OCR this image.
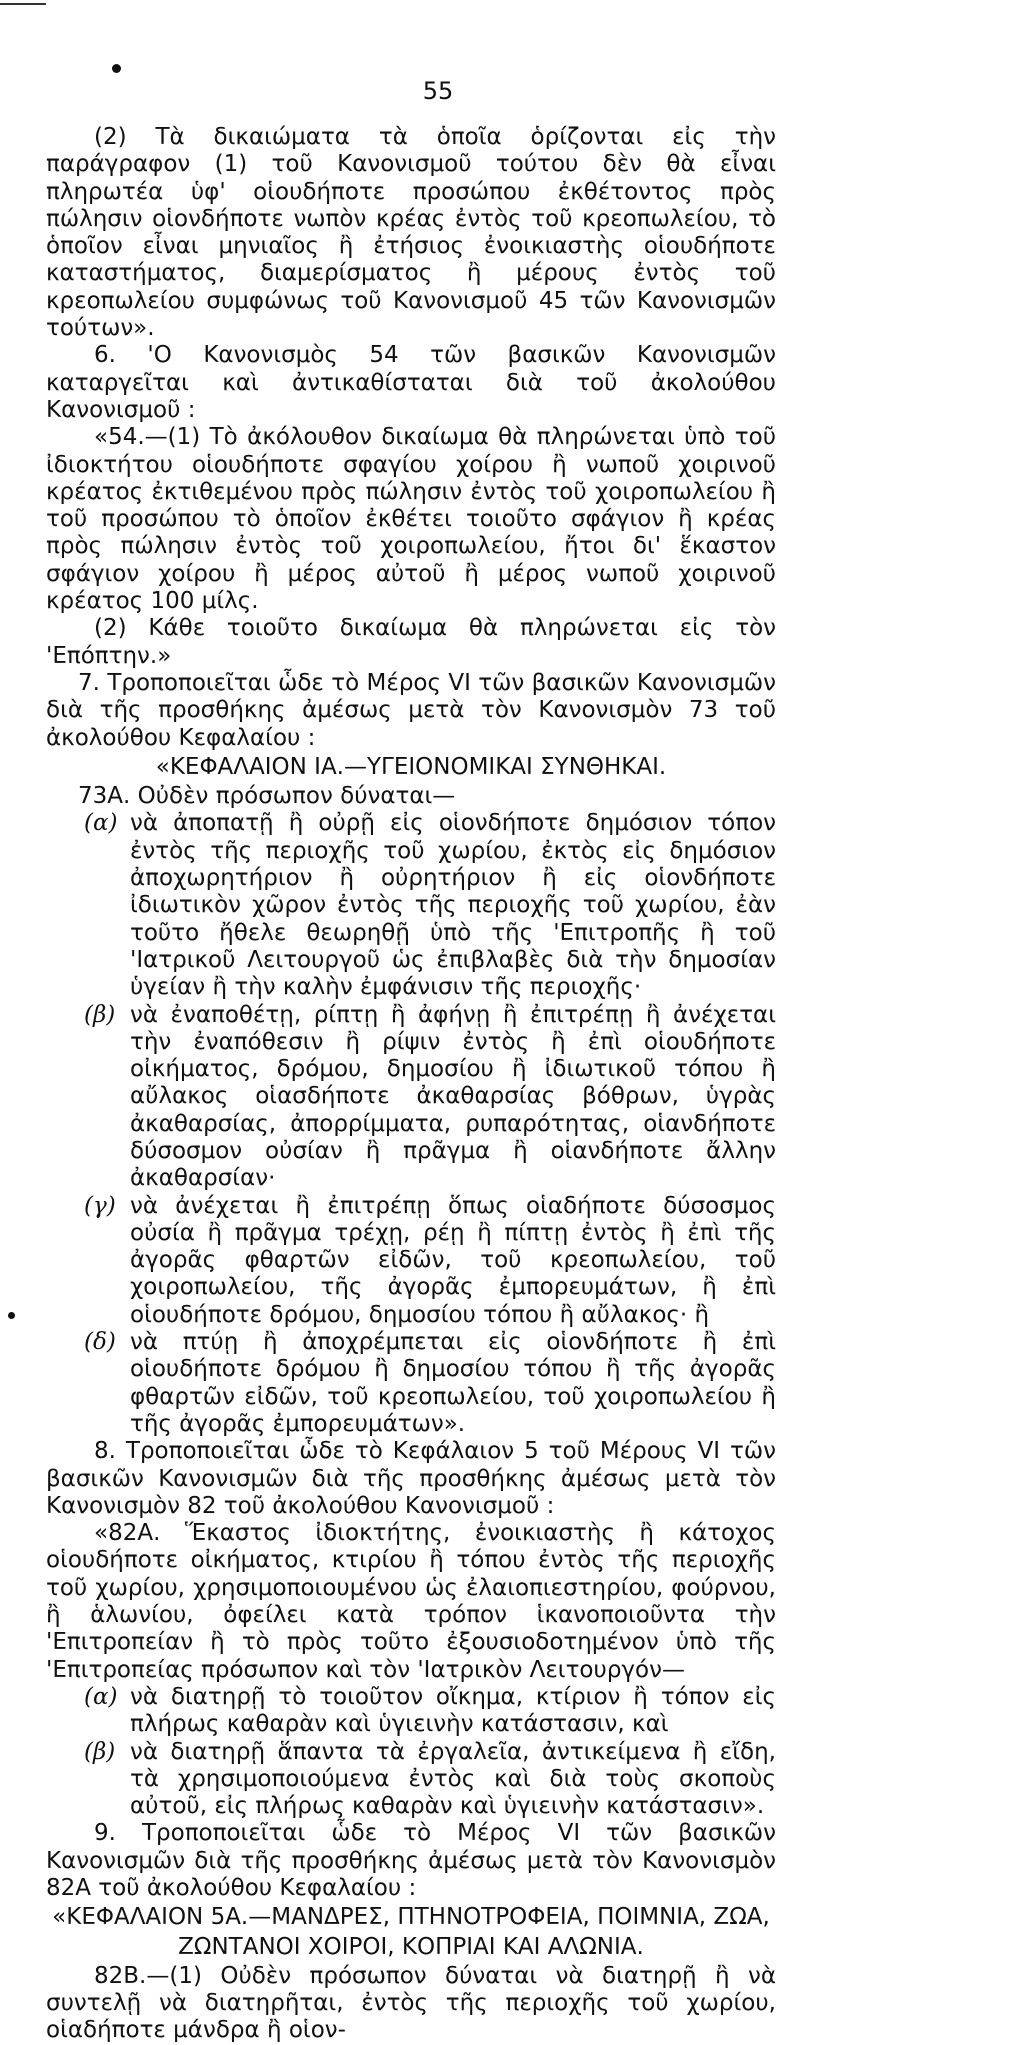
55

(2) Τὰ δικαιώματα τὰ ὁποῖα ὁρίζονται εἰς τὴν παράγραφον (1) τοῦ Κανονισμοῦ τούτου δὲν θὰ εἶναι πληρωτέα ὑφ' οἱουδήποτε προσώπου ἐκθέτοντος πρὸς πώλησιν οἱονδήποτε νωπὸν κρέας ἐντὸς τοῦ κρεοπωλείου, τὸ ὁποῖον εἶναι μηνιαῖος ἢ ἐτήσιος ἐνοικιαστὴς οἱουδήποτε καταστήματος, διαμερίσματος ἢ μέρους ἐντὸς τοῦ κρεοπωλείου συμφώνως τοῦ Κανονισμοῦ 45 τῶν Κανονισμῶν τούτων».

6. 'Ο Κανονισμὸς 54 τῶν βασικῶν Κανονισμῶν καταργεῖται καὶ ἀντικαθίσταται διὰ τοῦ ἀκολούθου Κανονισμοῦ :

«54.—(1) Τὸ ἀκόλουθον δικαίωμα θὰ πληρώνεται ὑπὸ τοῦ ἰδιοκτήτου οἱουδήποτε σφαγίου χοίρου ἢ νωποῦ χοιρινοῦ κρέατος ἐκτιθεμένου πρὸς πώλησιν ἐντὸς τοῦ χοιροπωλείου ἢ τοῦ προσώπου τὸ ὁποῖον ἐκθέτει τοιοῦτο σφάγιον ἢ κρέας πρὸς πώλησιν ἐντὸς τοῦ χοιροπωλείου, ἤτοι δι' ἕκαστον σφάγιον χοίρου ἢ μέρος αὐτοῦ ἢ μέρος νωποῦ χοιρινοῦ κρέατος 100 μίλς.

(2) Κάθε τοιοῦτο δικαίωμα θὰ πληρώνεται εἰς τὸν 'Επόπτην.»

7. Τροποποιεῖται ὧδε τὸ Μέρος VI τῶν βασικῶν Κανονισμῶν διὰ τῆς προσθήκης ἀμέσως μετὰ τὸν Κανονισμὸν 73 τοῦ ἀκολούθου Κεφαλαίου :

«ΚΕΦΑΛΑΙΟΝ ΙΑ.—ΥΓΕΙΟΝΟΜΙΚΑΙ ΣΥΝΘΗΚΑΙ.

73Α. Οὐδὲν πρόσωπον δύναται—

(α) νὰ ἀποπατῇ ἢ οὐρῇ εἰς οἱονδήποτε δημόσιον τόπον ἐντὸς τῆς περιοχῆς τοῦ χωρίου, ἐκτὸς εἰς δημόσιον ἀποχωρητήριον ἢ οὐρητήριον ἢ εἰς οἱονδήποτε ἰδιωτικὸν χῶρον ἐντὸς τῆς περιοχῆς τοῦ χωρίου, ἐὰν τοῦτο ἤθελε θεωρηθῇ ὑπὸ τῆς 'Επιτροπῆς ἢ τοῦ 'Ιατρικοῦ Λειτουργοῦ ὡς ἐπιβλαβὲς διὰ τὴν δημοσίαν ὑγείαν ἢ τὴν καλὴν ἐμφάνισιν τῆς περιοχῆς·
(β) νὰ ἐναποθέτῃ, ρίπτῃ ἢ ἀφήνῃ ἢ ἐπιτρέπῃ ἢ ἀνέχεται τὴν ἐναπόθεσιν ἢ ρίψιν ἐντὸς ἢ ἐπὶ οἱουδήποτε οἰκήματος, δρόμου, δημοσίου ἢ ἰδιωτικοῦ τόπου ἢ αὔλακος οἱασδήποτε ἀκαθαρσίας βόθρων, ὑγρὰς ἀκαθαρσίας, ἀπορρίμματα, ρυπαρότητας, οἱανδήποτε δύσοσμον οὐσίαν ἢ πρᾶγμα ἢ οἱανδήποτε ἄλλην ἀκαθαρσίαν·
(γ) νὰ ἀνέχεται ἢ ἐπιτρέπῃ ὅπως οἱαδήποτε δύσοσμος οὐσία ἢ πρᾶγμα τρέχῃ, ρέῃ ἢ πίπτῃ ἐντὸς ἢ ἐπὶ τῆς ἀγορᾶς φθαρτῶν εἰδῶν, τοῦ κρεοπωλείου, τοῦ χοιροπωλείου, τῆς ἀγορᾶς ἐμπορευμάτων, ἢ ἐπὶ οἱουδήποτε δρόμου, δημοσίου τόπου ἢ αὔλακος· ἢ
(δ) νὰ πτύῃ ἢ ἀποχρέμπεται εἰς οἱονδήποτε ἢ ἐπὶ οἱουδήποτε δρόμου ἢ δημοσίου τόπου ἢ τῆς ἀγορᾶς φθαρτῶν εἰδῶν, τοῦ κρεοπωλείου, τοῦ χοιροπωλείου ἢ τῆς ἀγορᾶς ἐμπορευμάτων».

8. Τροποποιεῖται ὧδε τὸ Κεφάλαιον 5 τοῦ Μέρους VI τῶν βασικῶν Κανονισμῶν διὰ τῆς προσθήκης ἀμέσως μετὰ τὸν Κανονισμὸν 82 τοῦ ἀκολούθου Κανονισμοῦ :

«82Α. Ἕκαστος ἰδιοκτήτης, ἐνοικιαστὴς ἢ κάτοχος οἱουδήποτε οἰκήματος, κτιρίου ἢ τόπου ἐντὸς τῆς περιοχῆς τοῦ χωρίου, χρησιμοποιουμένου ὡς ἐλαιοπιεστηρίου, φούρνου, ἢ ἁλωνίου, ὀφείλει κατὰ τρόπον ἱκανοποιοῦντα τὴν 'Επιτροπείαν ἢ τὸ πρὸς τοῦτο ἐξουσιοδοτημένον ὑπὸ τῆς 'Επιτροπείας πρόσωπον καὶ τὸν 'Ιατρικὸν Λειτουργόν—

(α) νὰ διατηρῇ τὸ τοιοῦτον οἴκημα, κτίριον ἢ τόπον εἰς πλήρως καθαρὰν καὶ ὑγιεινὴν κατάστασιν, καὶ
(β) νὰ διατηρῇ ἅπαντα τὰ ἐργαλεῖα, ἀντικείμενα ἢ εἴδη, τὰ χρησιμοποιούμενα ἐντὸς καὶ διὰ τοὺς σκοποὺς αὐτοῦ, εἰς πλήρως καθαρὰν καὶ ὑγιεινὴν κατάστασιν».

9. Τροποποιεῖται ὧδε τὸ Μέρος VI τῶν βασικῶν Κανονισμῶν διὰ τῆς προσθήκης ἀμέσως μετὰ τὸν Κανονισμὸν 82Α τοῦ ἀκολούθου Κεφαλαίου :

«ΚΕΦΑΛΑΙΟΝ 5Α.—ΜΑΝΔΡΕΣ, ΠΤΗΝΟΤΡΟΦΕΙΑ, ΠΟΙΜΝΙΑ, ΖΩΑ,

ΖΩΝΤΑΝΟΙ ΧΟΙΡΟΙ, ΚΟΠΡΙΑΙ ΚΑΙ ΑΛΩΝΙΑ.

82Β.—(1) Οὐδὲν πρόσωπον δύναται νὰ διατηρῇ ἢ νὰ συντελῇ νὰ διατηρῆται, ἐντὸς τῆς περιοχῆς τοῦ χωρίου, οἱαδήποτε μάνδρα ἢ οἱον-
